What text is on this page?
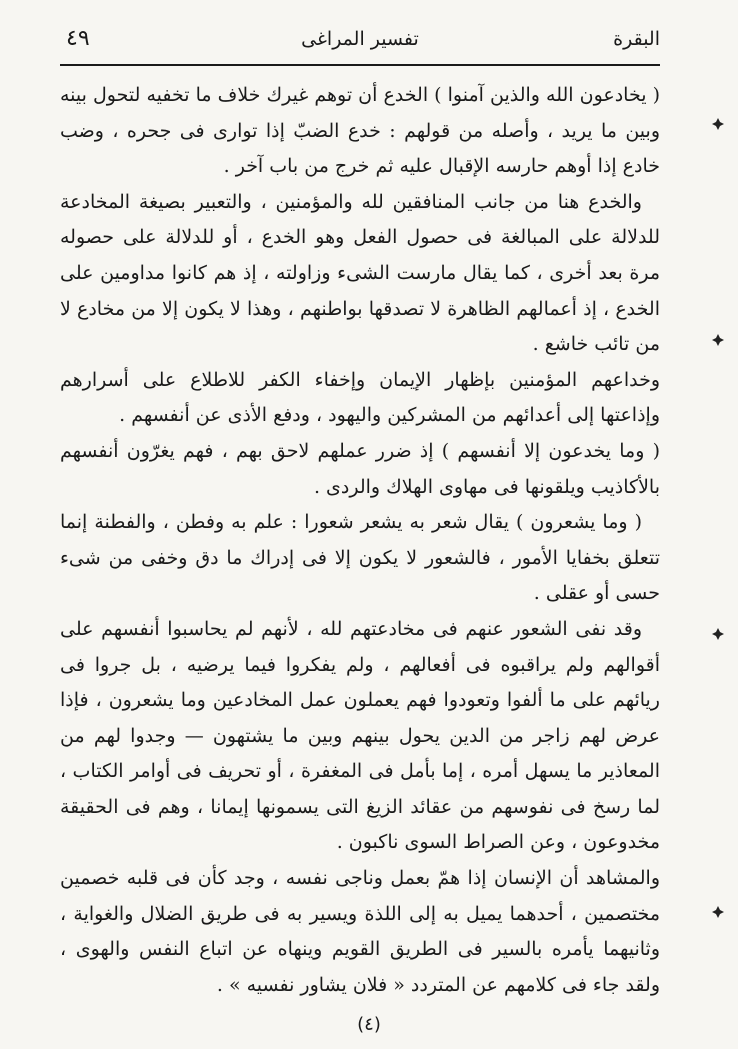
البقرة
تفسير المراغى
٤٩

( يخادعون الله والذين آمنوا ) الخدع أن توهم غيرك خلاف ما تخفيه لتحول بينه وبين ما يريد ، وأصله من قولهم : خدع الضبّ إذا توارى فى جحره ، وضب خادع إذا أوهم حارسه الإقبال عليه ثم خرج من باب آخر .

والخدع هنا من جانب المنافقين لله والمؤمنين ، والتعبير بصيغة المخادعة للدلالة على المبالغة فى حصول الفعل وهو الخدع ، أو للدلالة على حصوله مرة بعد أخرى ، كما يقال مارست الشىء وزاولته ، إذ هم كانوا مداومين على الخدع ، إذ أعمالهم الظاهرة لا تصدقها بواطنهم ، وهذا لا يكون إلا من مخادع لا من تائب خاشع .

وخداعهم المؤمنين بإظهار الإيمان وإخفاء الكفر للاطلاع على أسرارهم وإذاعتها إلى أعدائهم من المشركين واليهود ، ودفع الأذى عن أنفسهم .

( وما يخدعون إلا أنفسهم ) إذ ضرر عملهم لاحق بهم ، فهم يغرّون أنفسهم بالأكاذيب ويلقونها فى مهاوى الهلاك والردى .

( وما يشعرون ) يقال شعر به يشعر شعورا : علم به وفطن ، والفطنة إنما تتعلق بخفايا الأمور ، فالشعور لا يكون إلا فى إدراك ما دق وخفى من شىء حسى أو عقلى .

وقد نفى الشعور عنهم فى مخادعتهم لله ، لأنهم لم يحاسبوا أنفسهم على أقوالهم ولم يراقبوه فى أفعالهم ، ولم يفكروا فيما يرضيه ، بل جروا فى ريائهم على ما ألفوا وتعودوا فهم يعملون عمل المخادعين وما يشعرون ، فإذا عرض لهم زاجر من الدين يحول بينهم وبين ما يشتهون — وجدوا لهم من المعاذير ما يسهل أمره ، إما بأمل فى المغفرة ، أو تحريف فى أوامر الكتاب ، لما رسخ فى نفوسهم من عقائد الزيغ التى يسمونها إيمانا ، وهم فى الحقيقة مخدوعون ، وعن الصراط السوى ناكبون .

والمشاهد أن الإنسان إذا همّ بعمل وناجى نفسه ، وجد كأن فى قلبه خصمين مختصمين ، أحدهما يميل به إلى اللذة ويسير به فى طريق الضلال والغواية ، وثانيهما يأمره بالسير فى الطريق القويم وينهاه عن اتباع النفس والهوى ، ولقد جاء فى كلامهم عن المتردد « فلان يشاور نفسيه » .

(٤)
